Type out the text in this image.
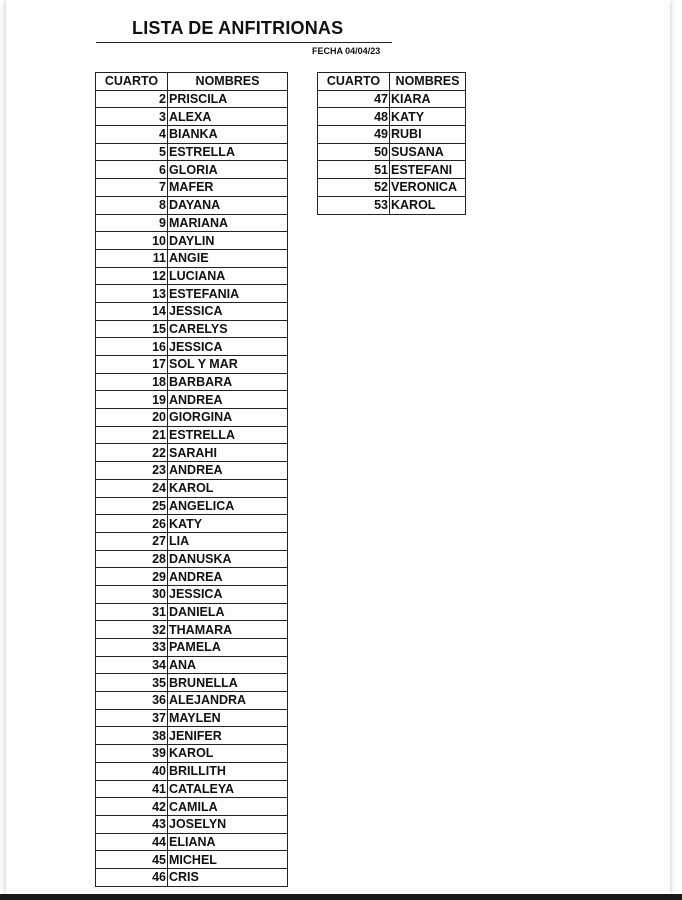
LISTA DE ANFITRIONAS
FECHA 04/04/23
CUARTO	NOMBRES
2	PRISCILA
3	ALEXA
4	BIANKA
5	ESTRELLA
6	GLORIA
7	MAFER
8	DAYANA
9	MARIANA
10	DAYLIN
11	ANGIE
12	LUCIANA
13	ESTEFANIA
14	JESSICA
15	CARELYS
16	JESSICA
17	SOL Y MAR
18	BARBARA
19	ANDREA
20	GIORGINA
21	ESTRELLA
22	SARAHI
23	ANDREA
24	KAROL
25	ANGELICA
26	KATY
27	LIA
28	DANUSKA
29	ANDREA
30	JESSICA
31	DANIELA
32	THAMARA
33	PAMELA
34	ANA
35	BRUNELLA
36	ALEJANDRA
37	MAYLEN
38	JENIFER
39	KAROL
40	BRILLITH
41	CATALEYA
42	CAMILA
43	JOSELYN
44	ELIANA
45	MICHEL
46	CRIS
CUARTO	NOMBRES
47	KIARA
48	KATY
49	RUBI
50	SUSANA
51	ESTEFANI
52	VERONICA
53	KAROL
